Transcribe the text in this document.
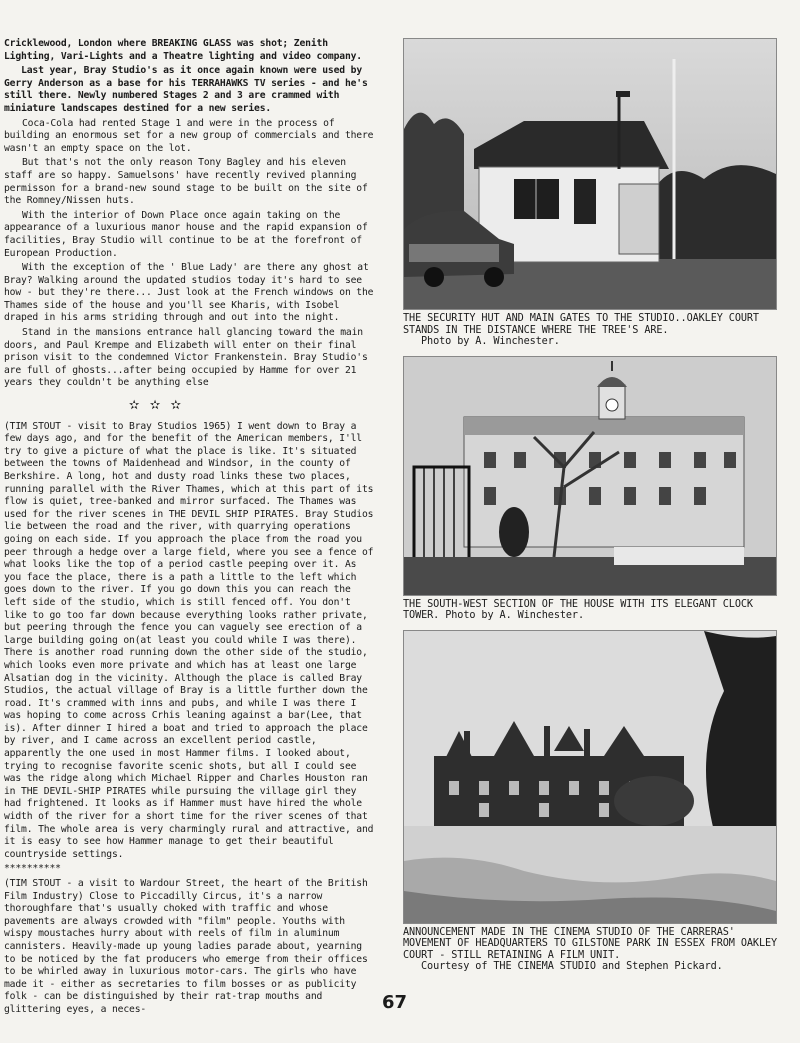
Cricklewood, London where BREAKING GLASS was shot; Zenith Lighting, Vari-Lights and a Theatre lighting and video company.

Last year, Bray Studio's as it once again known were used by Gerry Anderson as a base for his TERRAHAWKS TV series - and he's still there. Newly numbered Stages 2 and 3 are crammed with miniature landscapes destined for a new series.

Coca-Cola had rented Stage 1 and were in the process of building an enormous set for a new group of commercials and there wasn't an empty space on the lot.

But that's not the only reason Tony Bagley and his eleven staff are so happy. Samuelsons' have recently revived planning permisson for a brand-new sound stage to be built on the site of the Romney/Nissen huts.

With the interior of Down Place once again taking on the appearance of a luxurious manor house and the rapid expansion of facilities, Bray Studio will continue to be at the forefront of European Production.

With the exception of the ' Blue Lady' are there any ghost at Bray? Walking around the updated studios today it's hard to see how - but they're there... Just look at the French windows on the Thames side of the house and you'll see Kharis, with Isobel draped in his arms striding through and out into the night.

Stand in the mansions entrance hall glancing toward the main doors, and Paul Krempe and Elizabeth will enter on their final prison visit to the condemned Victor Frankenstein. Bray Studio's are full of ghosts...after being occupied by Hamme for over 21 years they couldn't be anything else

✫✫✫

(TIM STOUT - visit to Bray Studios 1965) I went down to Bray a few days ago, and for the benefit of the American members, I'll try to give a picture of what the place is like. It's situated between the towns of Maidenhead and Windsor, in the county of Berkshire. A long, hot and dusty road links these two places, running parallel with the River Thames, which at this part of its flow is quiet, tree-banked and mirror surfaced. The Thames was used for the river scenes in THE DEVIL SHIP PIRATES. Bray Studios lie between the road and the river, with quarrying operations going on each side. If you approach the place from the road you peer through a hedge over a large field, where you see a fence of what looks like the top of a period castle peeping over it. As you face the place, there is a path a little to the left which goes down to the river. If you go down this you can reach the left side of the studio, which is still fenced off. You don't like to go too far down because everything looks rather private, but peering through the fence you can vaguely see erection of a large building going on(at least you could while I was there). There is another road running down the other side of the studio, which looks even more private and which has at least one large Alsatian dog in the vicinity. Although the place is called Bray Studios, the actual village of Bray is a little further down the road. It's crammed with inns and pubs, and while I was there I was hoping to come across Crhis leaning against a bar(Lee, that is). After dinner I hired a boat and tried to approach the place by river, and I came across an excellent period castle, apparently the one used in most Hammer films. I looked about, trying to recognise favorite scenic shots, but all I could see was the ridge along which Michael Ripper and Charles Houston ran in THE DEVIL-SHIP PIRATES while pursuing the village girl they had frightened. It looks as if Hammer must have hired the whole width of the river for a short time for the river scenes of that film. The whole area is very charmingly rural and attractive, and it is easy to see how Hammer manage to get their beautiful countryside settings.

**********

(TIM STOUT - a visit to Wardour Street, the heart of the British Film Industry) Close to Piccadilly Circus, it's a narrow thoroughfare that's usually choked with traffic and whose pavements are always crowded with "film" people. Youths with wispy moustaches hurry about with reels of film in aluminum cannisters. Heavily-made up young ladies parade about, yearning to be noticed by the fat producers who emerge from their offices to be whirled away in luxurious motor-cars. The girls who have made it - either as secretaries to film bosses or as publicity folk - can be distinguished by their rat-trap mouths and glittering eyes, a neces-

THE SECURITY HUT AND MAIN GATES TO THE STUDIO..OAKLEY COURT STANDS IN THE DISTANCE WHERE THE TREE'S ARE.
Photo by A. Winchester.

THE SOUTH-WEST SECTION OF THE HOUSE WITH ITS ELEGANT CLOCK TOWER. Photo by A. Winchester.

ANNOUNCEMENT MADE IN THE CINEMA STUDIO OF THE CARRERAS' MOVEMENT OF HEADQUARTERS TO GILSTONE PARK IN ESSEX FROM OAKLEY COURT - STILL RETAINING A FILM UNIT.
Courtesy of THE CINEMA STUDIO and Stephen Pickard.

67
